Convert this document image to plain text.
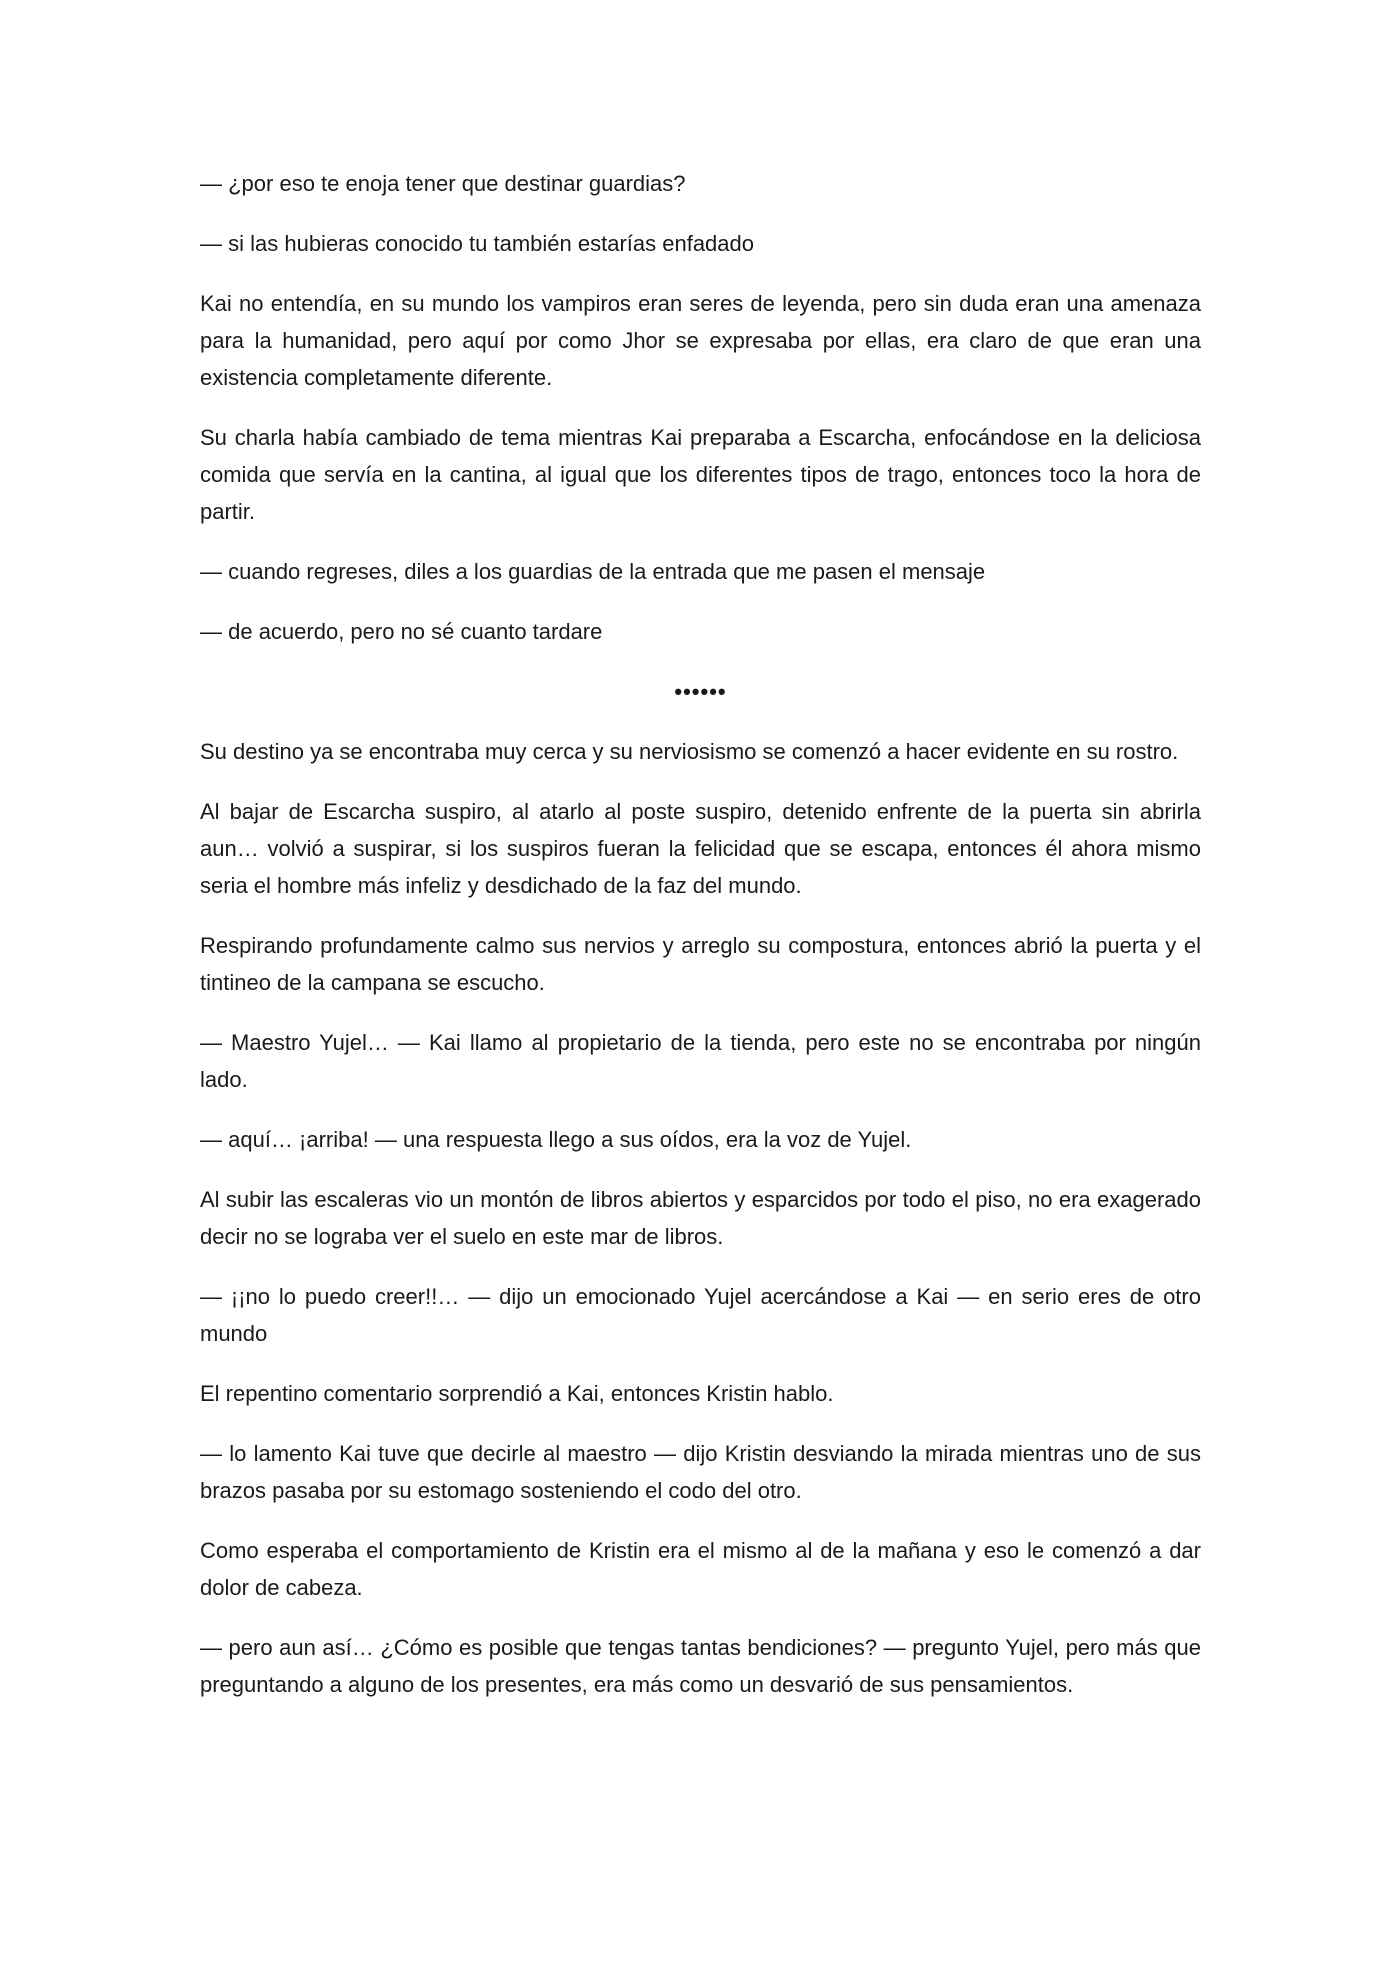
— ¿por eso te enoja tener que destinar guardias?

— si las hubieras conocido tu también estarías enfadado

Kai no entendía, en su mundo los vampiros eran seres de leyenda, pero sin duda eran una amenaza para la humanidad, pero aquí por como Jhor se expresaba por ellas, era claro de que eran una existencia completamente diferente.

Su charla había cambiado de tema mientras Kai preparaba a Escarcha, enfocándose en la deliciosa comida que servía en la cantina, al igual que los diferentes tipos de trago, entonces toco la hora de partir.

— cuando regreses, diles a los guardias de la entrada que me pasen el mensaje

— de acuerdo, pero no sé cuanto tardare

••••••

Su destino ya se encontraba muy cerca y su nerviosismo se comenzó a hacer evidente en su rostro.

Al bajar de Escarcha suspiro, al atarlo al poste suspiro, detenido enfrente de la puerta sin abrirla aun… volvió a suspirar, si los suspiros fueran la felicidad que se escapa, entonces él ahora mismo seria el hombre más infeliz y desdichado de la faz del mundo.

Respirando profundamente calmo sus nervios y arreglo su compostura, entonces abrió la puerta y el tintineo de la campana se escucho.

— Maestro Yujel… — Kai llamo al propietario de la tienda, pero este no se encontraba por ningún lado.

— aquí… ¡arriba! — una respuesta llego a sus oídos, era la voz de Yujel.

Al subir las escaleras vio un montón de libros abiertos y esparcidos por todo el piso, no era exagerado decir no se lograba ver el suelo en este mar de libros.

— ¡¡no lo puedo creer!!… — dijo un emocionado Yujel acercándose a Kai — en serio eres de otro mundo

El repentino comentario sorprendió a Kai, entonces Kristin hablo.

— lo lamento Kai tuve que decirle al maestro — dijo Kristin desviando la mirada mientras uno de sus brazos pasaba por su estomago sosteniendo el codo del otro.

Como esperaba el comportamiento de Kristin era el mismo al de la mañana y eso le comenzó a dar dolor de cabeza.

— pero aun así… ¿Cómo es posible que tengas tantas bendiciones? — pregunto Yujel, pero más que preguntando a alguno de los presentes, era más como un desvarió de sus pensamientos.
